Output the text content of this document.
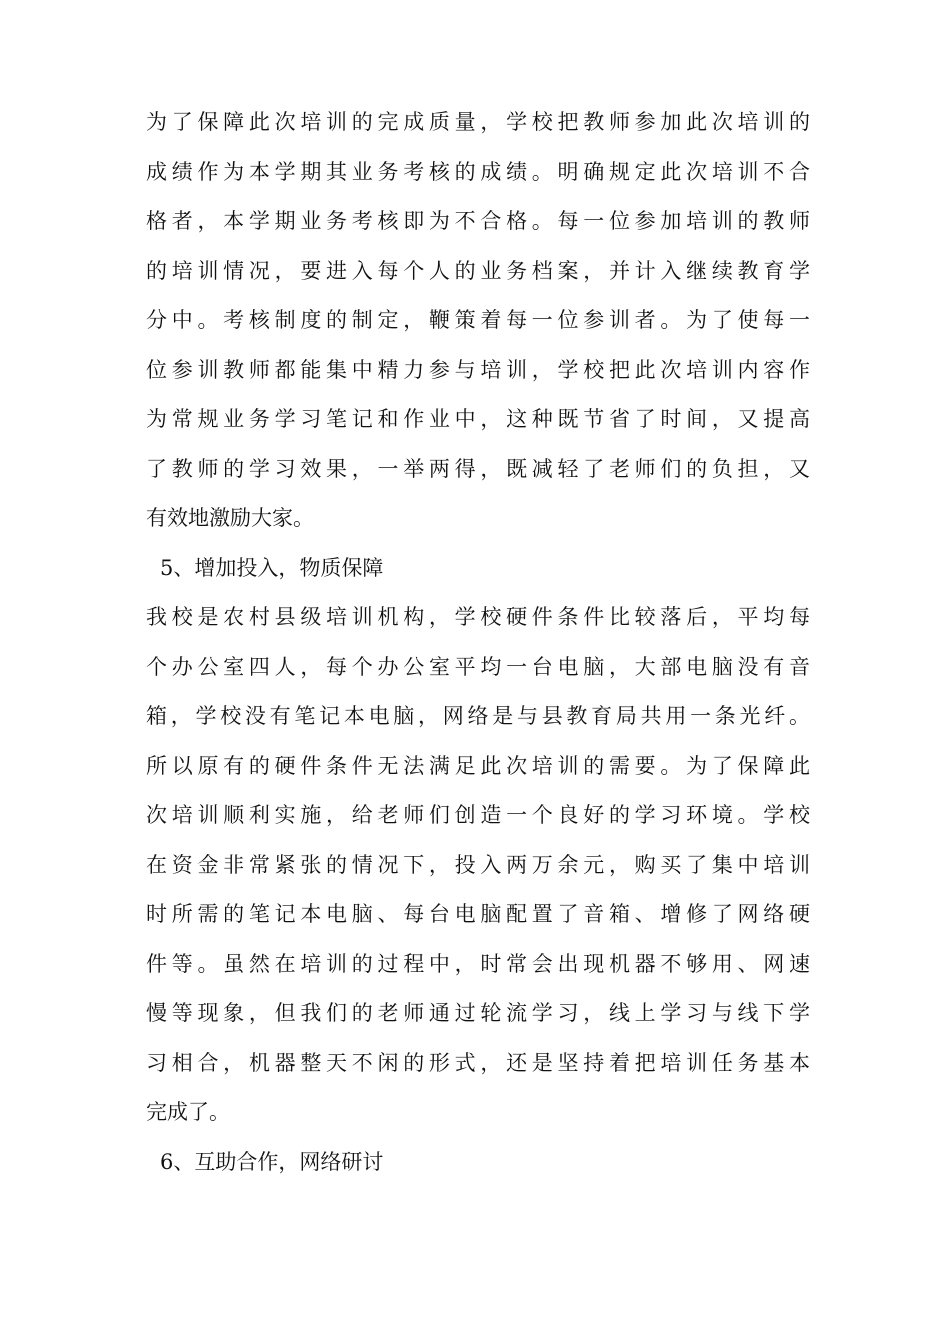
为了保障此次培训的完成质量，学校把教师参加此次培训的
成绩作为本学期其业务考核的成绩。明确规定此次培训不合
格者，本学期业务考核即为不合格。每一位参加培训的教师
的培训情况，要进入每个人的业务档案，并计入继续教育学
分中。考核制度的制定，鞭策着每一位参训者。为了使每一
位参训教师都能集中精力参与培训，学校把此次培训内容作
为常规业务学习笔记和作业中，这种既节省了时间，又提高
了教师的学习效果，一举两得，既减轻了老师们的负担，又
有效地激励大家。
5、增加投入，物质保障
我校是农村县级培训机构，学校硬件条件比较落后，平均每
个办公室四人，每个办公室平均一台电脑，大部电脑没有音
箱，学校没有笔记本电脑，网络是与县教育局共用一条光纤。
所以原有的硬件条件无法满足此次培训的需要。为了保障此
次培训顺利实施，给老师们创造一个良好的学习环境。学校
在资金非常紧张的情况下，投入两万余元，购买了集中培训
时所需的笔记本电脑、每台电脑配置了音箱、增修了网络硬
件等。虽然在培训的过程中，时常会出现机器不够用、网速
慢等现象，但我们的老师通过轮流学习，线上学习与线下学
习相合，机器整天不闲的形式，还是坚持着把培训任务基本
完成了。
6、互助合作，网络研讨
